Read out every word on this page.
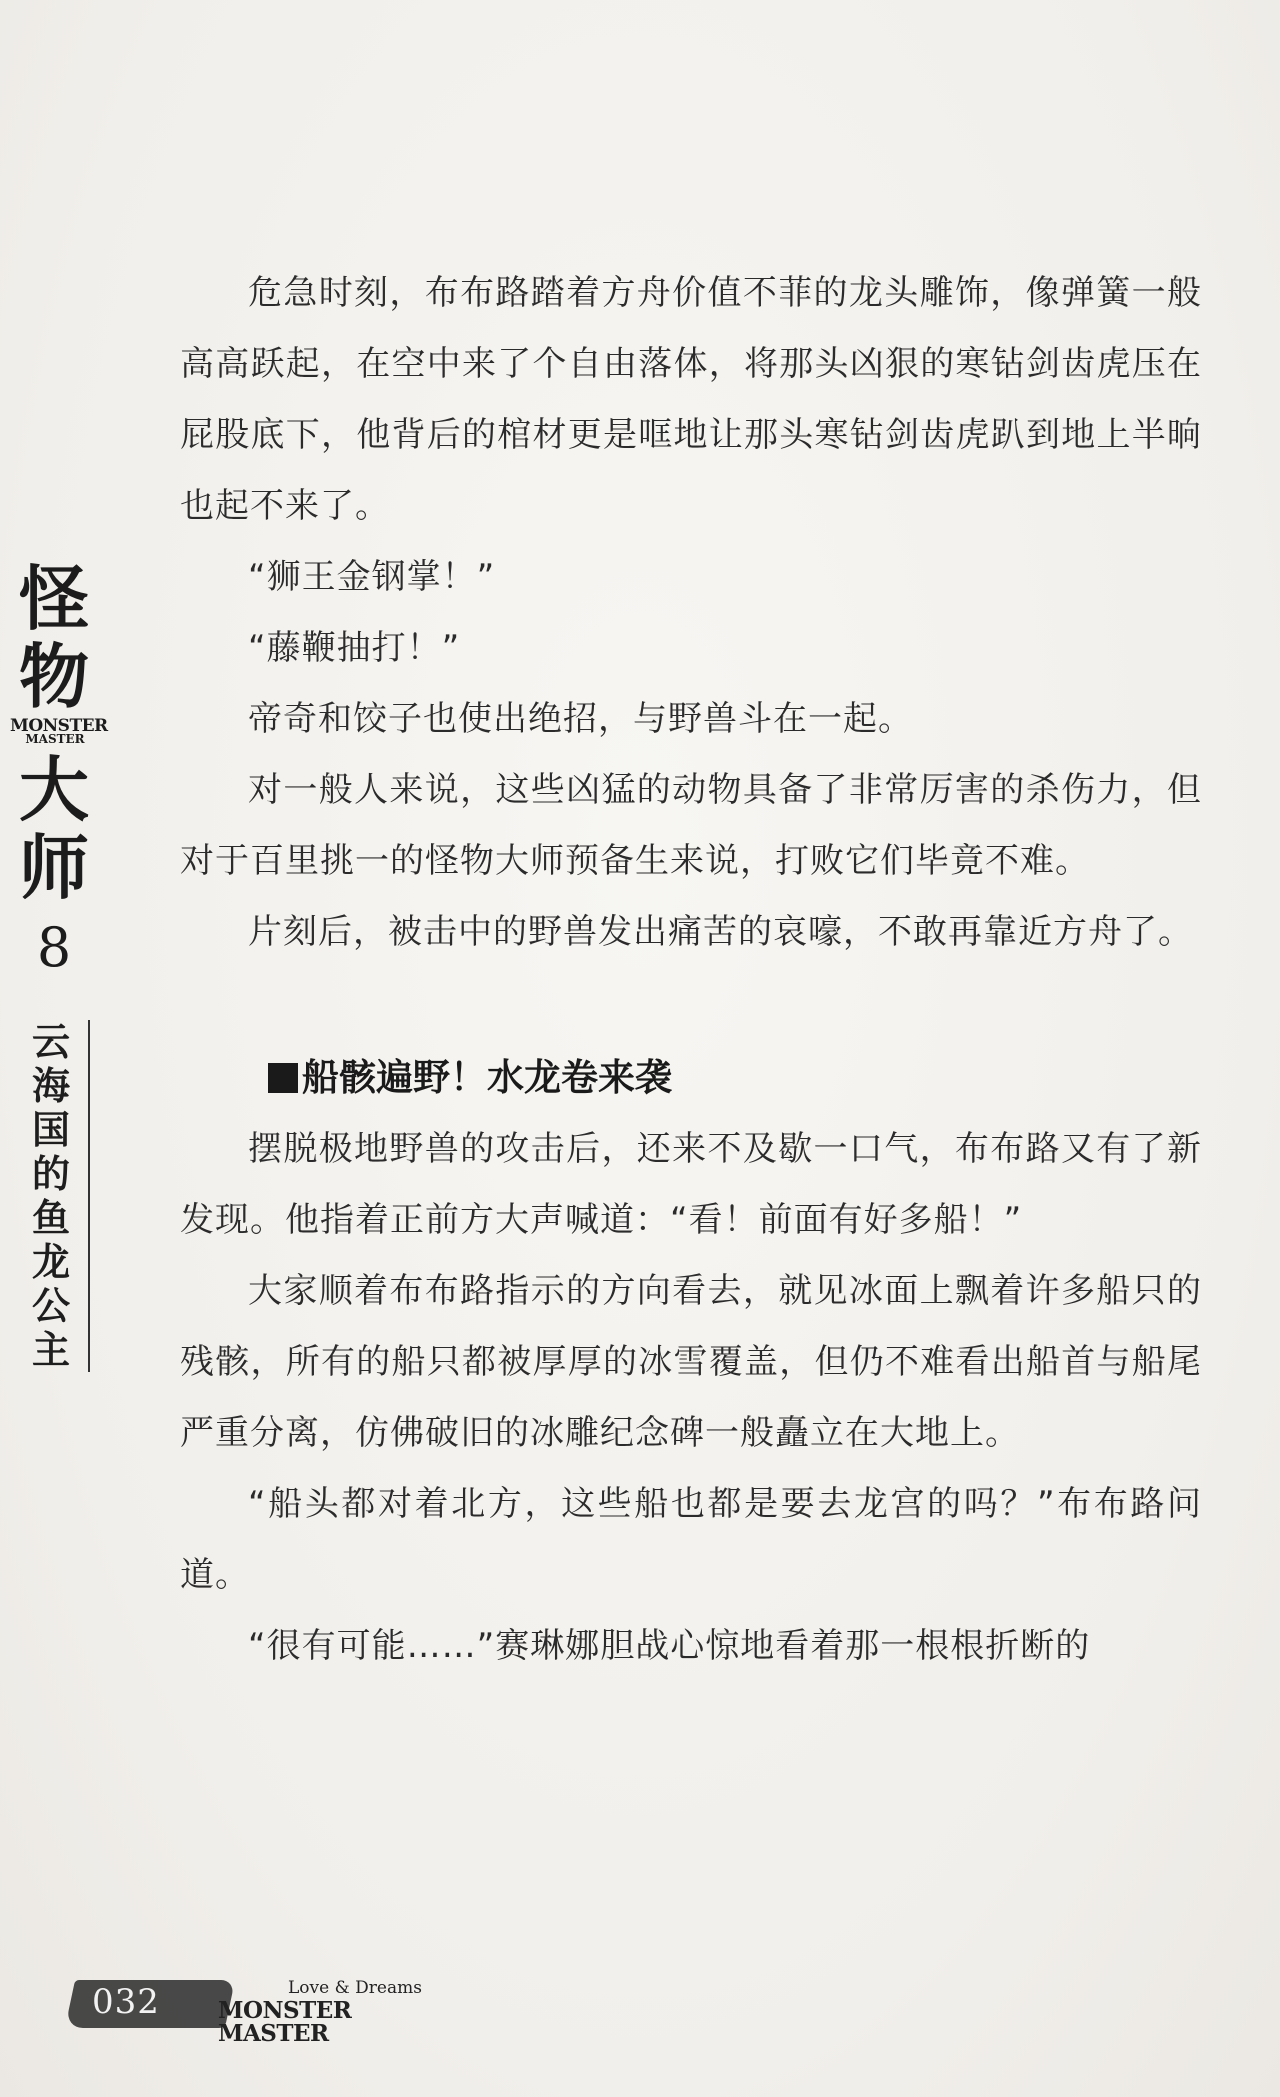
怪物
MONSTER
MASTER
大师
8
云
海
国
的
鱼
龙
公
主

危急时刻，布布路踏着方舟价值不菲的龙头雕饰，像弹簧一般高高跃起，在空中来了个自由落体，将那头凶狠的寒钻剑齿虎压在屁股底下，他背后的棺材更是哐地让那头寒钻剑齿虎趴到地上半晌也起不来了。

“狮王金钢掌！”

“藤鞭抽打！”

帝奇和饺子也使出绝招，与野兽斗在一起。

对一般人来说，这些凶猛的动物具备了非常厉害的杀伤力，但对于百里挑一的怪物大师预备生来说，打败它们毕竟不难。

片刻后，被击中的野兽发出痛苦的哀嚎，不敢再靠近方舟了。

船骸遍野！水龙卷来袭

摆脱极地野兽的攻击后，还来不及歇一口气，布布路又有了新发现。他指着正前方大声喊道：“看！前面有好多船！”

大家顺着布布路指示的方向看去，就见冰面上飘着许多船只的残骸，所有的船只都被厚厚的冰雪覆盖，但仍不难看出船首与船尾严重分离，仿佛破旧的冰雕纪念碑一般矗立在大地上。

“船头都对着北方，这些船也都是要去龙宫的吗？”布布路问道。

“很有可能……”赛琳娜胆战心惊地看着那一根根折断的

032	Love & Dreams
MONSTER MASTER
